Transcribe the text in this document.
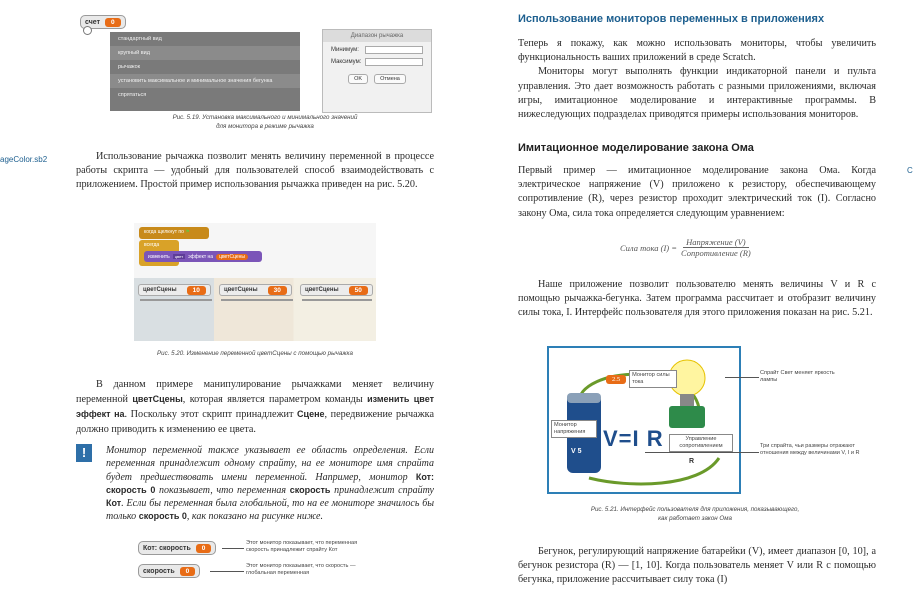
счет	0
стандартный вид
крупный вид
рычажок
установить максимальное и минимальное значения бегунка
спрятаться
Диапазон рычажка
Минимум:
Максимум:
OK	Отмена
Рис. 5.19. Установка максимального и минимального значений
для монитора в режиме рычажка
ageColor.sb2	Использование рычажка позволит менять величину переменной в процессе работы скрипта — удобный для пользователей способ взаимодействовать с приложением. Простой пример использования рычажка приведен на рис. 5.20.

когда щелкнут по ⚑
всегда
изменить	цвет	эффект на	цветСцены
цветСцены	10	цветСцены	30	цветСцены	50
Рис. 5.20. Изменение переменной цветСцены с помощью рычажка

В данном примере манипулирование рычажками меняет величину переменной цветСцены, которая является параметром команды изменить цвет эффект на. Поскольку этот скрипт принадлежит Сцене, передвижение рычажка должно приводить к изменению ее цвета.

!	Монитор переменной также указывает ее область определения. Если переменная принадлежит одному спрайту, на ее мониторе имя спрайта будет предшествовать имени переменной. Например, монитор Кот: скорость 0 показывает, что переменная скорость принадлежит спрайту Кот. Если бы переменная была глобальной, то на ее мониторе значилось бы только скорость 0, как показано на рисунке ниже.
Кот: скорость	0
Этот монитор показывает, что переменная скорость принадлежит спрайту Кот
скорость	0
Этот монитор показывает, что скорость — глобальная переменная
Использование мониторов переменных в приложениях

Теперь я покажу, как можно использовать мониторы, чтобы увеличить функциональность ваших приложений в среде Scratch.

Мониторы могут выполнять функции индикаторной панели и пульта управления. Это дает возможность работать с разными приложениями, включая игры, имитационное моделирование и интерактивные программы. В нижеследующих подразделах приводятся примеры использования мониторов.

Имитационное моделирование закона Ома

Первый пример — имитационное моделирование закона Ома. Когда электрическое напряжение (V) приложено к резистору, обеспечивающему сопротивление (R), через резистор проходит электрический ток (I). Согласно закону Ома, сила тока определяется следующим уравнением:

Сила тока (I) =
Напряжение (V)
Сопротивление (R)

Наше приложение позволит пользователю менять величины V и R с помощью рычажка-бегунка. Затем программа рассчитает и отобразит величину силы тока, I. Интерфейс пользователя для этого приложения показан на рис. 5.21.

2.5
Монитор силы тока
Монитор напряжения
V 5
V=I R	Управление сопротивлением
R
Спрайт Свет меняет яркость лампы
Три спрайта, чьи размеры отражают отношения между величинами V, I и R
Рис. 5.21. Интерфейс пользователя для приложения, показывающего,
как работает закон Ома

Бегунок, регулирующий напряжение батарейки (V), имеет диапазон [0, 10], а бегунок резистора (R) — [1, 10]. Когда пользователь меняет V или R с помощью бегунка, приложение рассчитывает силу тока (I)

C
